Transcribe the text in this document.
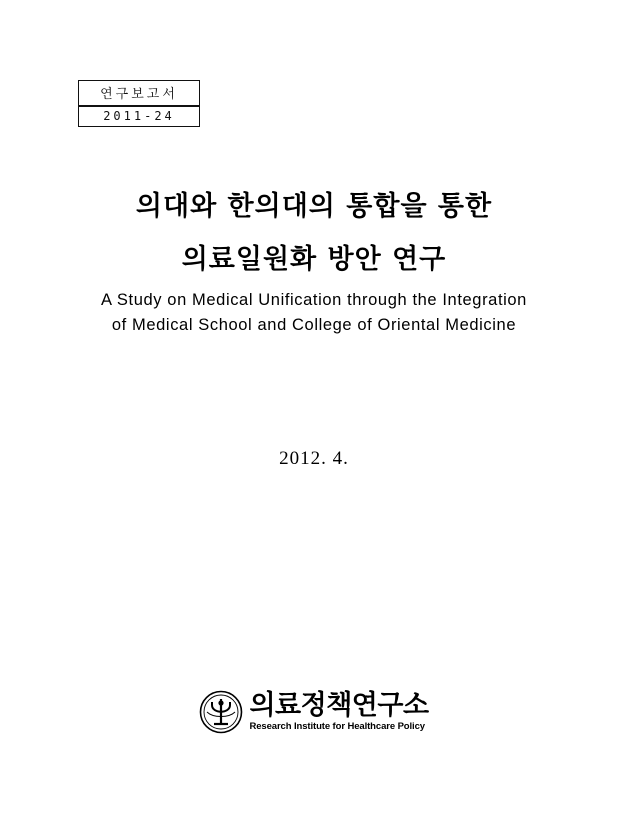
연구보고서
2011-24
의대와 한의대의 통합을 통한
의료일원화 방안 연구
A Study on Medical Unification through the Integration
of Medical School and College of Oriental Medicine
2012. 4.
의료정책연구소
Research Institute for Healthcare Policy
